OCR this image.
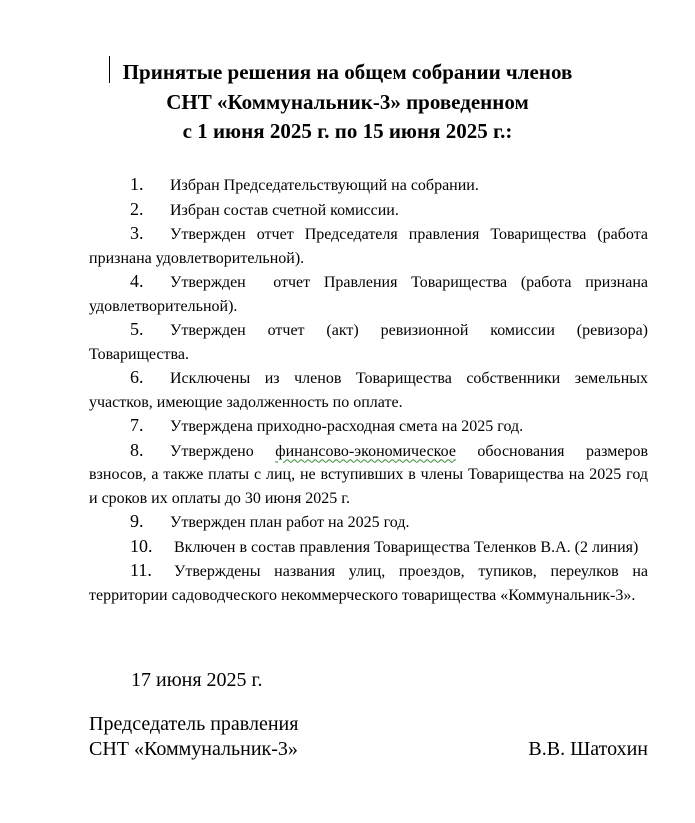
Принятые решения на общем собрании членов
СНТ «Коммунальник-3» проведенном
с 1 июня 2025 г. по 15 июня 2025 г.:
1. Избран Председательствующий на собрании.
2. Избран состав счетной комиссии.
3. Утвержден отчет Председателя правления Товарищества (работа признана удовлетворительной).
4. Утвержден  отчет Правления Товарищества (работа признана удовлетворительной).
5. Утвержден отчет (акт) ревизионной комиссии (ревизора) Товарищества.
6. Исключены из членов Товарищества собственники земельных участков, имеющие задолженность по оплате.
7. Утверждена приходно-расходная смета на 2025 год.
8. Утверждено финансово-экономическое обоснования размеров взносов, а также платы с лиц, не вступивших в члены Товарищества на 2025 год и сроков их оплаты до 30 июня 2025 г.
9. Утвержден план работ на 2025 год.
10. Включен в состав правления Товарищества Теленков В.А. (2 линия)
11. Утверждены названия улиц, проездов, тупиков, переулков на территории садоводческого некоммерческого товарищества «Коммунальник-3».
17 июня 2025 г.
Председатель правления
СНТ «Коммунальник-3»	В.В. Шатохин
